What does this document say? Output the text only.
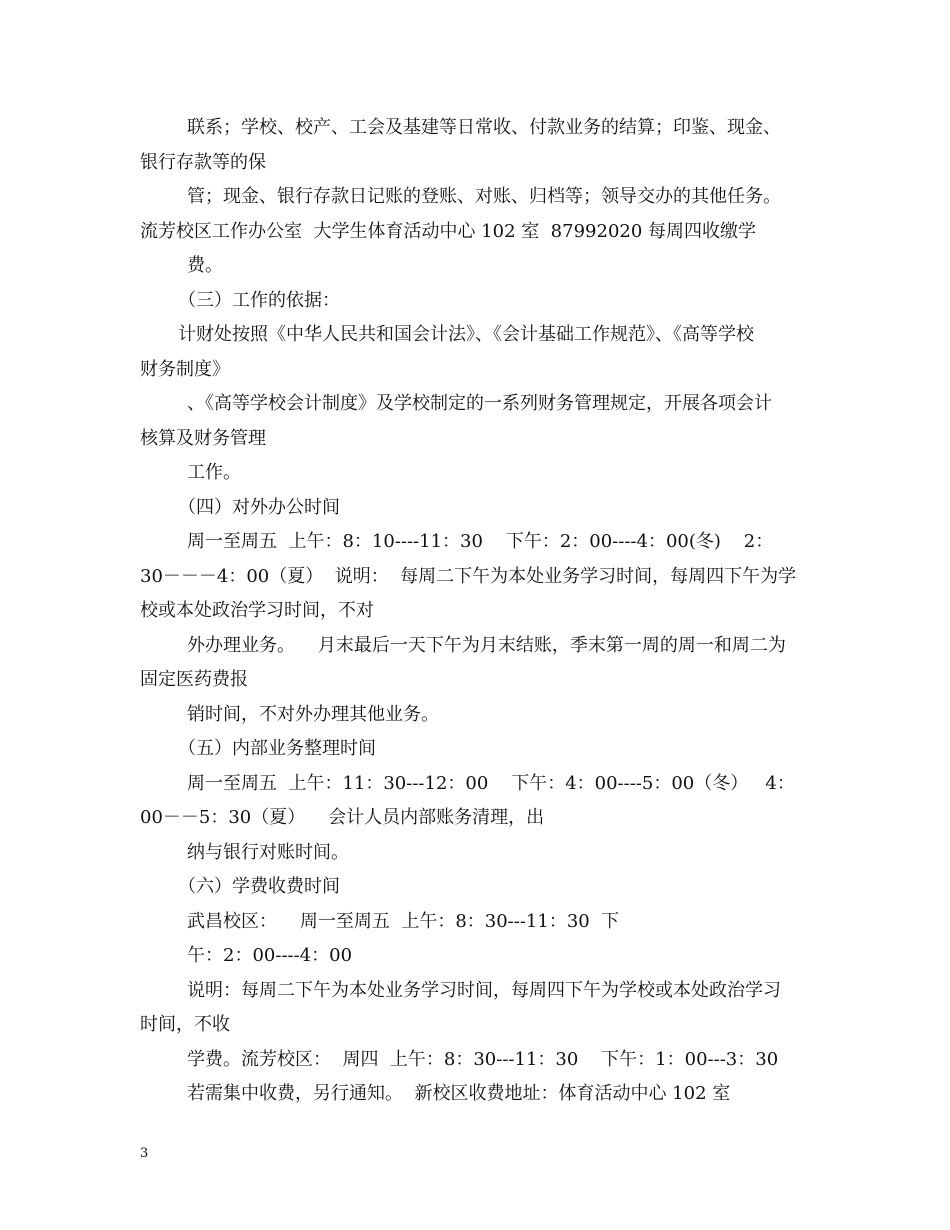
联系；学校、校产、工会及基建等日常收、付款业务的结算；印鉴、现金、
银行存款等的保
管；现金、银行存款日记账的登账、对账、归档等；领导交办的其他任务。
流芳校区工作办公室  大学生体育活动中心 102 室  87992020 每周四收缴学
费。
（三）工作的依据：
计财处按照《中华人民共和国会计法》、《会计基础工作规范》、《高等学校
财务制度》
、《高等学校会计制度》及学校制定的一系列财务管理规定，开展各项会计
核算及财务管理
工作。
（四）对外办公时间
周一至周五  上午：8：10----11：30    下午：2：00----4：00(冬)    2：
30－－－4：00（夏）  说明：  每周二下午为本处业务学习时间，每周四下午为学
校或本处政治学习时间，不对
外办理业务。    月末最后一天下午为月末结账，季末第一周的周一和周二为
固定医药费报
销时间，不对外办理其他业务。
（五）内部业务整理时间
周一至周五  上午：11：30---12：00    下午：4：00----5：00（冬）   4：
00－－5：30（夏）    会计人员内部账务清理，出
纳与银行对账时间。
（六）学费收费时间
武昌校区：    周一至周五  上午：8：30---11：30  下
午：2：00----4：00
说明：每周二下午为本处业务学习时间，每周四下午为学校或本处政治学习
时间，不收
学费。流芳校区：  周四  上午：8：30---11：30    下午：1：00---3：30
若需集中收费，另行通知。  新校区收费地址：体育活动中心 102 室
3
